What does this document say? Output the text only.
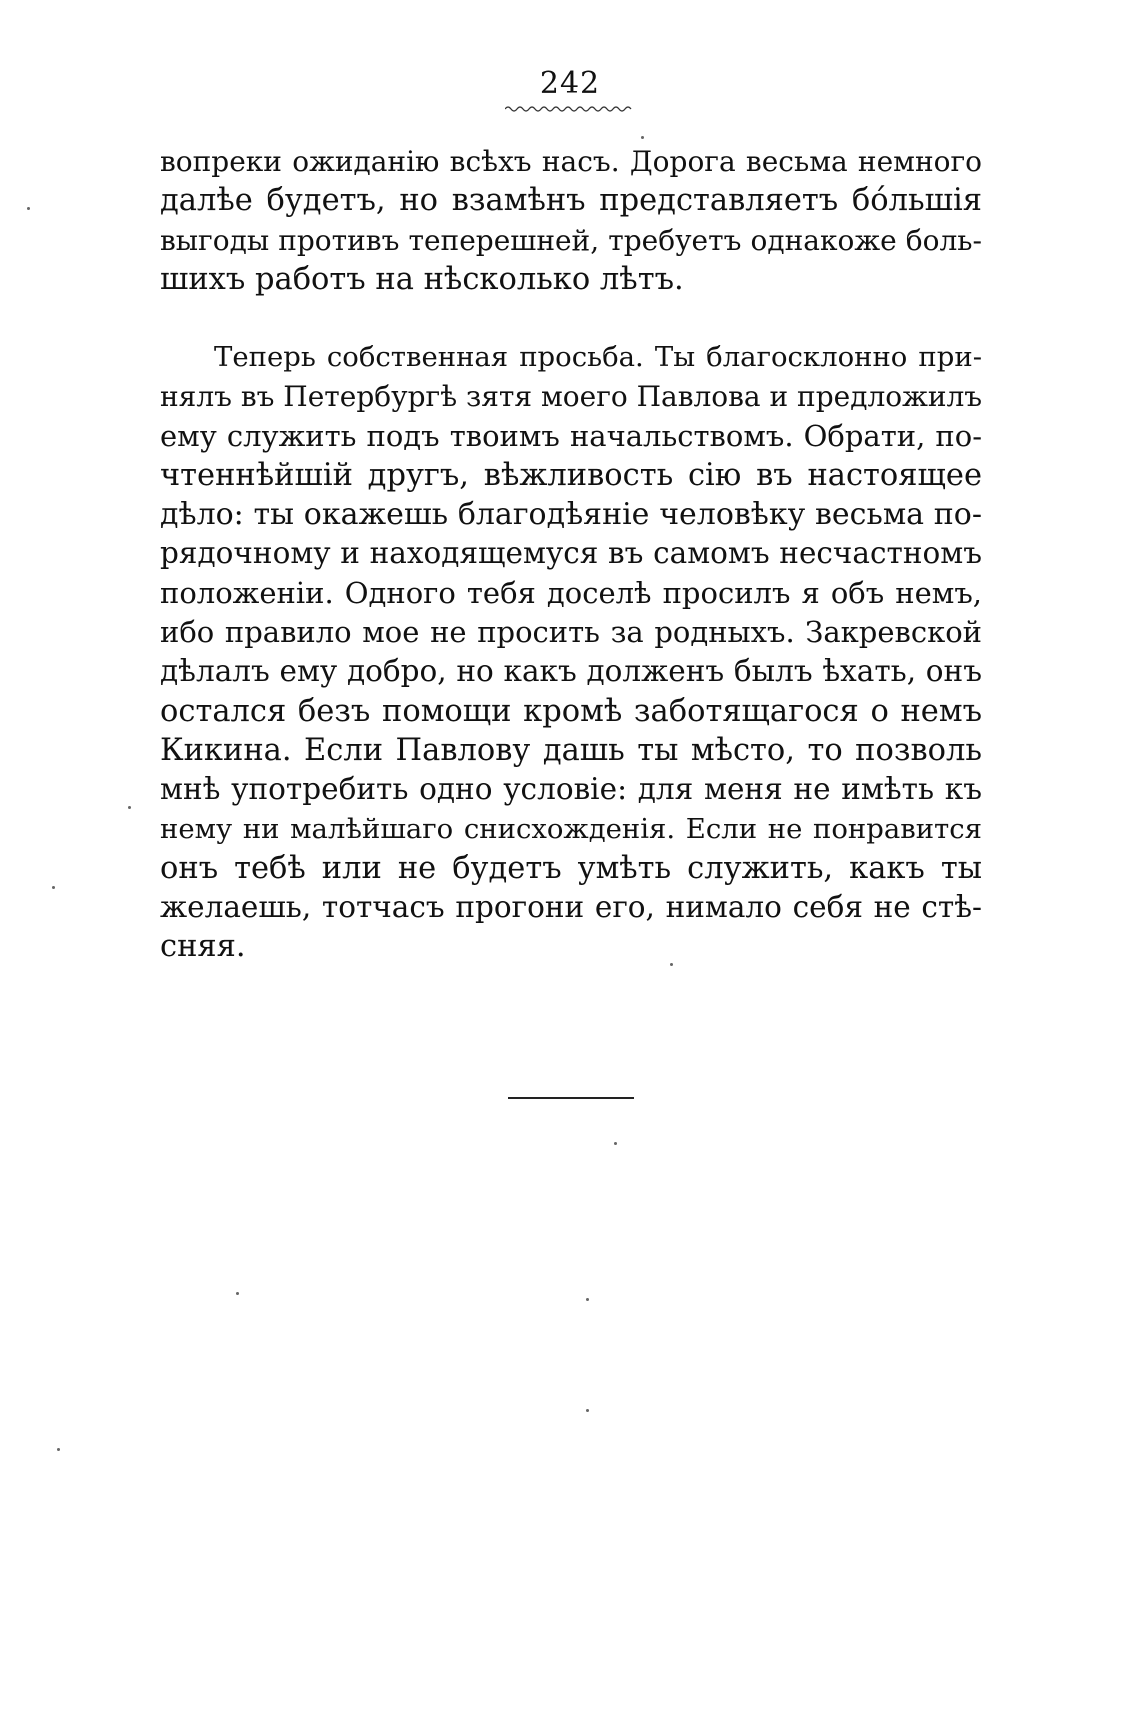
242
вопреки ожиданію всѣхъ насъ. Дорога весьма немного
далѣе будетъ, но взамѣнъ представляетъ бо́льшія
выгоды противъ теперешней, требуетъ однакоже боль-
шихъ работъ на нѣсколько лѣтъ.
Теперь собственная просьба. Ты благосклонно при-
нялъ въ Петербургѣ зятя моего Павлова и предложилъ
ему служить подъ твоимъ начальствомъ. Обрати, по-
чтеннѣйшій другъ, вѣжливость сію въ настоящее
дѣло: ты окажешь благодѣяніе человѣку весьма по-
рядочному и находящемуся въ самомъ несчастномъ
положеніи. Одного тебя доселѣ просилъ я объ немъ,
ибо правило мое не просить за родныхъ. Закревской
дѣлалъ ему добро, но какъ долженъ былъ ѣхать, онъ
остался безъ помощи кромѣ заботящагося о немъ
Кикина. Если Павлову дашь ты мѣсто, то позволь
мнѣ употребить одно условіе: для меня не имѣть къ
нему ни малѣйшаго снисхожденія. Если не понравится
онъ тебѣ или не будетъ умѣть служить, какъ ты
желаешь, тотчасъ прогони его, нимало себя не стѣ-
сняя.
